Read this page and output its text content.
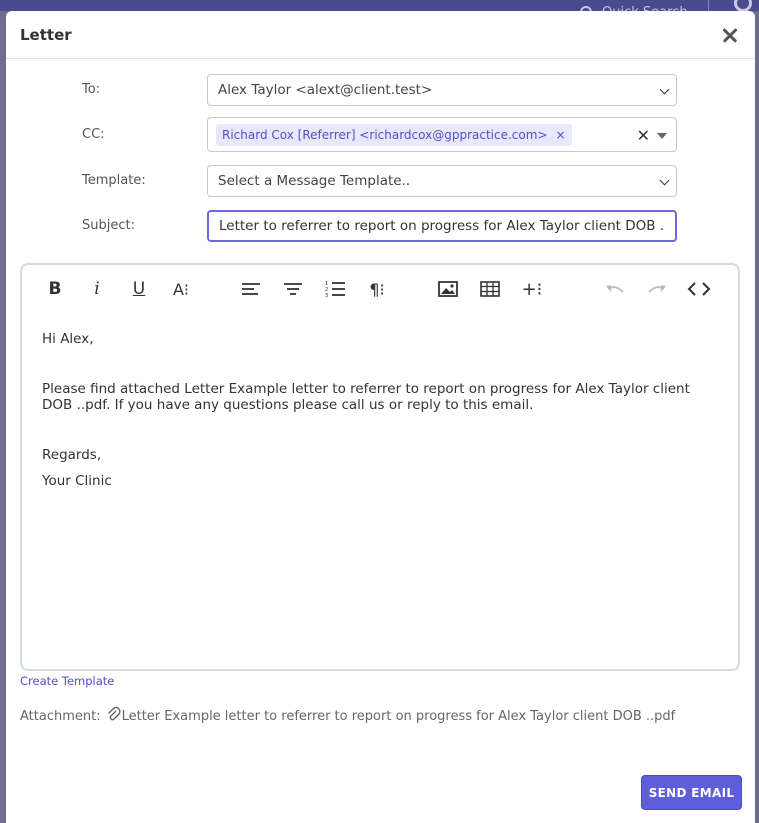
Letter
To:	Alex Taylor <alext@client.test>
CC:	Richard Cox [Referrer] <richardcox@gppractice.com> ×	✕
Template:	Select a Message Template..
Subject:
Letter to referrer to report on progress for Alex Taylor client DOB .
B	i	U	A⁝	1
2
3	¶⁝	+⁝

Hi Alex,

Please find attached Letter Example letter to referrer to report on progress for Alex Taylor client DOB ..pdf. If you have any questions please call us or reply to this email.

Regards,

Your Clinic

Create Template
Attachment: Letter Example letter to referrer to report on progress for Alex Taylor client DOB ..pdf
SEND EMAIL
